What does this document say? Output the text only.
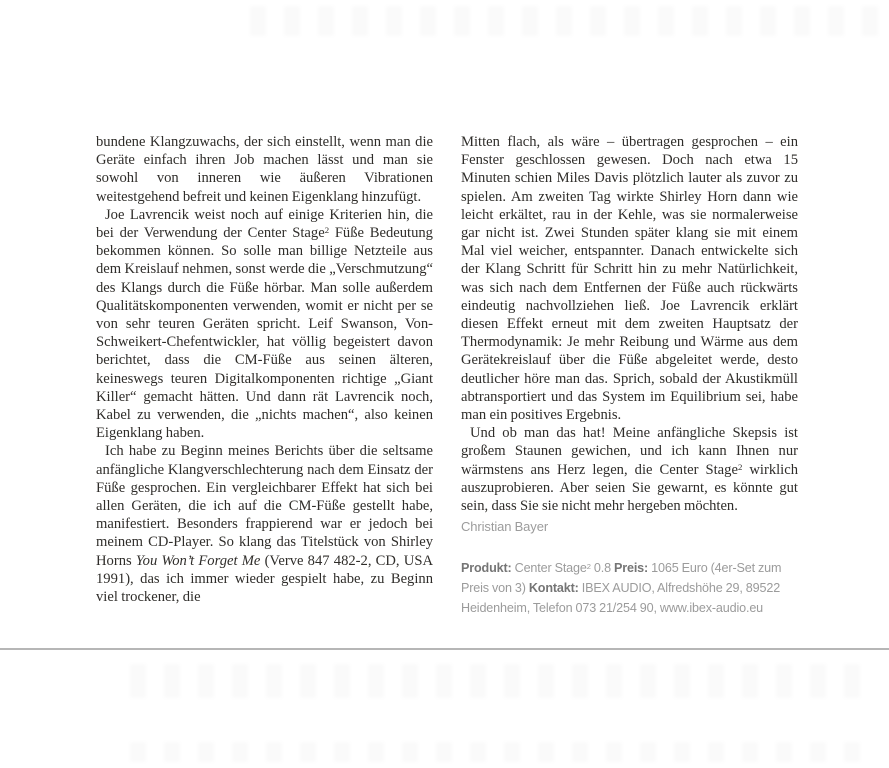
bundene Klangzuwachs, der sich einstellt, wenn man die Geräte einfach ihren Job machen lässt und man sie sowohl von inneren wie äußeren Vibrationen weitestgehend befreit und keinen Eigenklang hinzufügt.

Joe Lavrencik weist noch auf einige Kriterien hin, die bei der Verwendung der Center Stage$^2$ Füße Bedeutung bekommen können. So solle man billige Netzteile aus dem Kreislauf nehmen, sonst werde die „Verschmutzung“ des Klangs durch die Füße hörbar. Man solle außerdem Qualitätskomponenten verwenden, womit er nicht per se von sehr teuren Geräten spricht. Leif Swanson, Von-Schweikert-Chefentwickler, hat völlig begeistert davon berichtet, dass die CM-Füße aus seinen älteren, keineswegs teuren Digitalkomponenten richtige „Giant Killer“ gemacht hätten. Und dann rät Lavrencik noch, Kabel zu verwenden, die „nichts machen“, also keinen Eigenklang haben.

Ich habe zu Beginn meines Berichts über die seltsame anfängliche Klangverschlechterung nach dem Einsatz der Füße gesprochen. Ein vergleichbarer Effekt hat sich bei allen Geräten, die ich auf die CM-Füße gestellt habe, manifestiert. Besonders frappierend war er jedoch bei meinem CD-Player. So klang das Titelstück von Shirley Horns You Won’t Forget Me (Verve 847 482-2, CD, USA 1991), das ich immer wieder gespielt habe, zu Beginn viel trockener, die

Mitten flach, als wäre – übertragen gesprochen – ein Fenster geschlossen gewesen. Doch nach etwa 15 Minuten schien Miles Davis plötzlich lauter als zuvor zu spielen. Am zweiten Tag wirkte Shirley Horn dann wie leicht erkältet, rau in der Kehle, was sie normalerweise gar nicht ist. Zwei Stunden später klang sie mit einem Mal viel weicher, entspannter. Danach entwickelte sich der Klang Schritt für Schritt hin zu mehr Natürlichkeit, was sich nach dem Entfernen der Füße auch rückwärts eindeutig nachvollziehen ließ. Joe Lavrencik erklärt diesen Effekt erneut mit dem zweiten Hauptsatz der Thermodynamik: Je mehr Reibung und Wärme aus dem Gerätekreislauf über die Füße abgeleitet werde, desto deutlicher höre man das. Sprich, sobald der Akustikmüll abtransportiert und das System im Equilibrium sei, habe man ein positives Ergebnis.

Und ob man das hat! Meine anfängliche Skepsis ist großem Staunen gewichen, und ich kann Ihnen nur wärmstens ans Herz legen, die Center Stage$^2$ wirklich auszuprobieren. Aber seien Sie gewarnt, es könnte gut sein, dass Sie sie nicht mehr hergeben möchten.

Christian Bayer
Produkt: Center Stage$^2$ 0.8 Preis: 1065 Euro (4er-Set zum Preis von 3) Kontakt: IBEX AUDIO, Alfredshöhe 29, 89522 Heidenheim, Telefon 073 21/254 90, www.ibex-audio.eu
